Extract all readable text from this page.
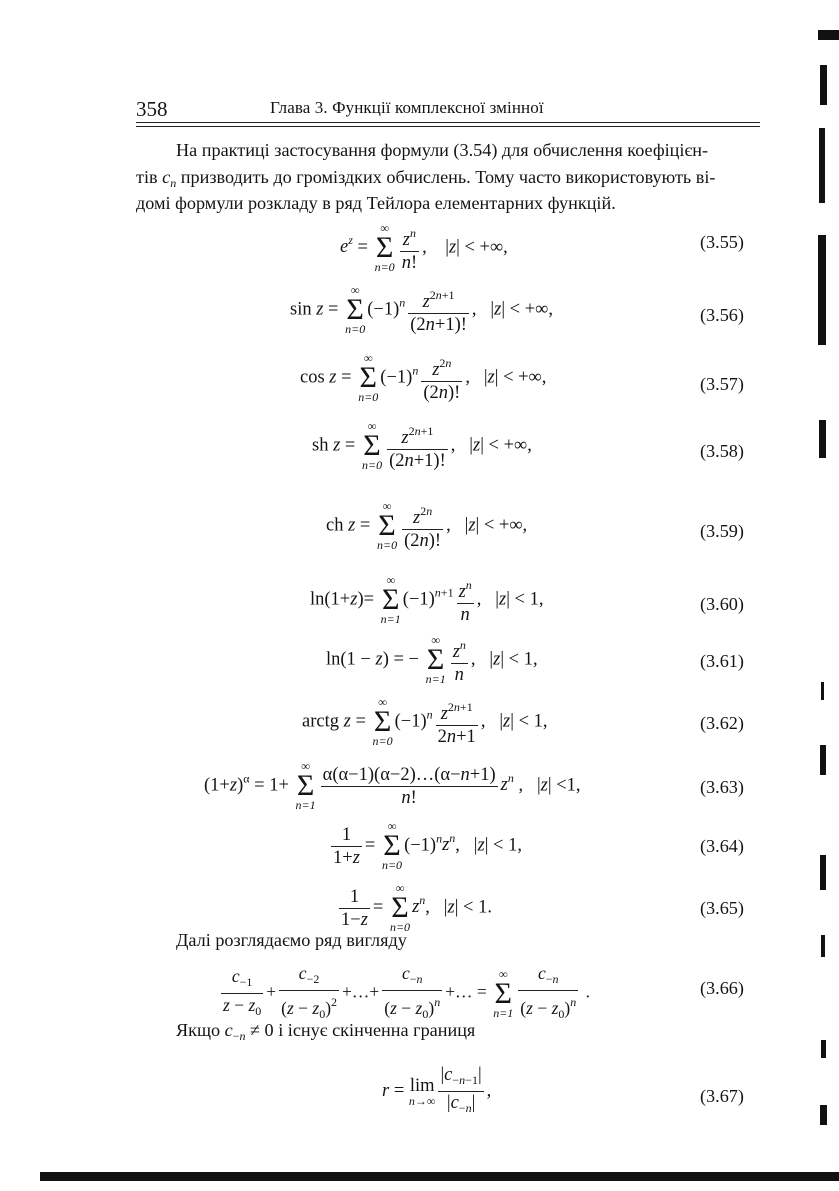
358	Глава 3. Функції комплексної змінної
На практиці застосування формули (3.54) для обчислення коефіцієн-
тів $c_n$ призводить до громіздких обчислень. Тому часто використовують ві-
домі формули розкладу в ряд Тейлора елементарних функцій.
$e^z$ =
∞
Σ
$n=0 \frac{z^n}{n!}$ ,    |z| < +∞,	(3.55)
sin z =
∞
Σ
n=0
$(-1)^n \frac{z^{2n+1}}{(2n+1)!}$ ,   |z| < +∞,	(3.56)
cos z =
∞
Σ
n=0
$(-1)^n \frac{z^{2n}}{(2n)!}$ ,   |z| < +∞,	(3.57)
sh z =
∞
Σ
$n=0 \frac{z^{2n+1}}{(2n+1)!}$ ,   |z| < +∞,	(3.58)
ch z =
∞
Σ
$n=0 \frac{z^{2n}}{(2n)!}$ ,   |z| < +∞,	(3.59)
ln(1+z)=
∞
Σ
n=1
$(-1)^{n+1} \frac{z^n}{n}$ ,   |z| < 1,	(3.60)
ln(1 − z) = −
∞
Σ
$n=1 \frac{z^n}{n}$ ,   |z| < 1,	(3.61)
arctg z =
∞
Σ
n=0
$(-1)^n \frac{z^{2n+1}}{2n+1}$ ,   |z| < 1,	(3.62)
$(1+z)^\alpha = 1+$
∞
Σ
$n=1 \frac{\alpha(\alpha-1)(\alpha-2)\dots(\alpha-n+1)}{n!} z^n$ ,   |z| <1,	(3.63)
$\frac{1}{1+z}$ =
∞
Σ
n=0
$(-1)^nz^n$,   |z| < 1,	(3.64)
$\frac{1}{1-z}$ =
∞
Σ
n=0
$z^n$,   |z| < 1.	(3.65)
Далі розглядаємо ряд вигляду
$\frac{c_{-1}}{z - z_0} + \frac{c_{-2}}{(z - z_0)^2}$ +…+ $\frac{c_{-n}}{(z - z_0)^n}$ +… =
∞
Σ
$n=1 \frac{c_{-n}}{(z - z_0)^n}$ .	(3.66)
Якщо $c_{-n} \ne 0$ і існує скінченна границя
r = lim
$n\to\infty \frac{|c_{-n-1}|}{|c_{-n}|}$ ,	(3.67)
